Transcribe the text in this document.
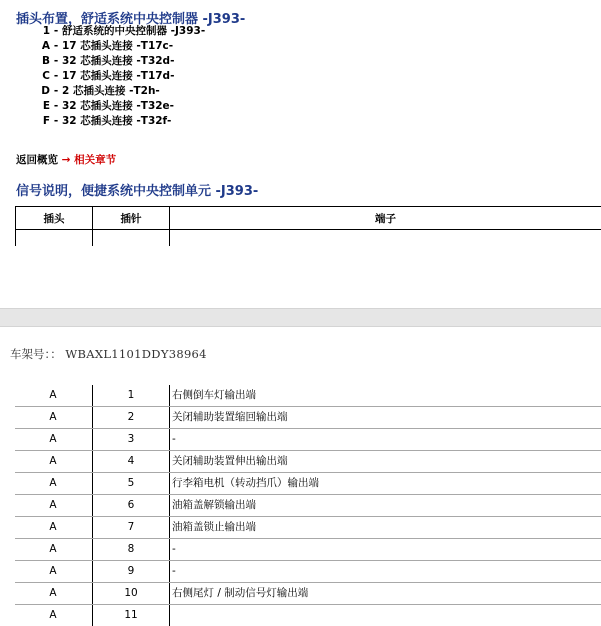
插头布置，舒适系统中央控制器 -J393-
1 - 舒适系统的中央控制器 -J393-
A - 17 芯插头连接 -T17c-
B - 32 芯插头连接 -T32d-
C - 17 芯插头连接 -T17d-
D - 2 芯插头连接 -T2h-
E - 32 芯插头连接 -T32e-
F - 32 芯插头连接 -T32f-
返回概览 → 相关章节
信号说明，便捷系统中央控制单元 -J393-
插头	插针	端子

车架号：： WBAXL1101DDY38964
A	1	右侧倒车灯输出端
A	2	关闭辅助装置缩回输出端
A	3	-
A	4	关闭辅助装置伸出输出端
A	5	行李箱电机（转动挡爪）输出端
A	6	油箱盖解锁输出端
A	7	油箱盖锁止输出端
A	8	-
A	9	-
A	10	右侧尾灯 / 制动信号灯输出端
A	11
